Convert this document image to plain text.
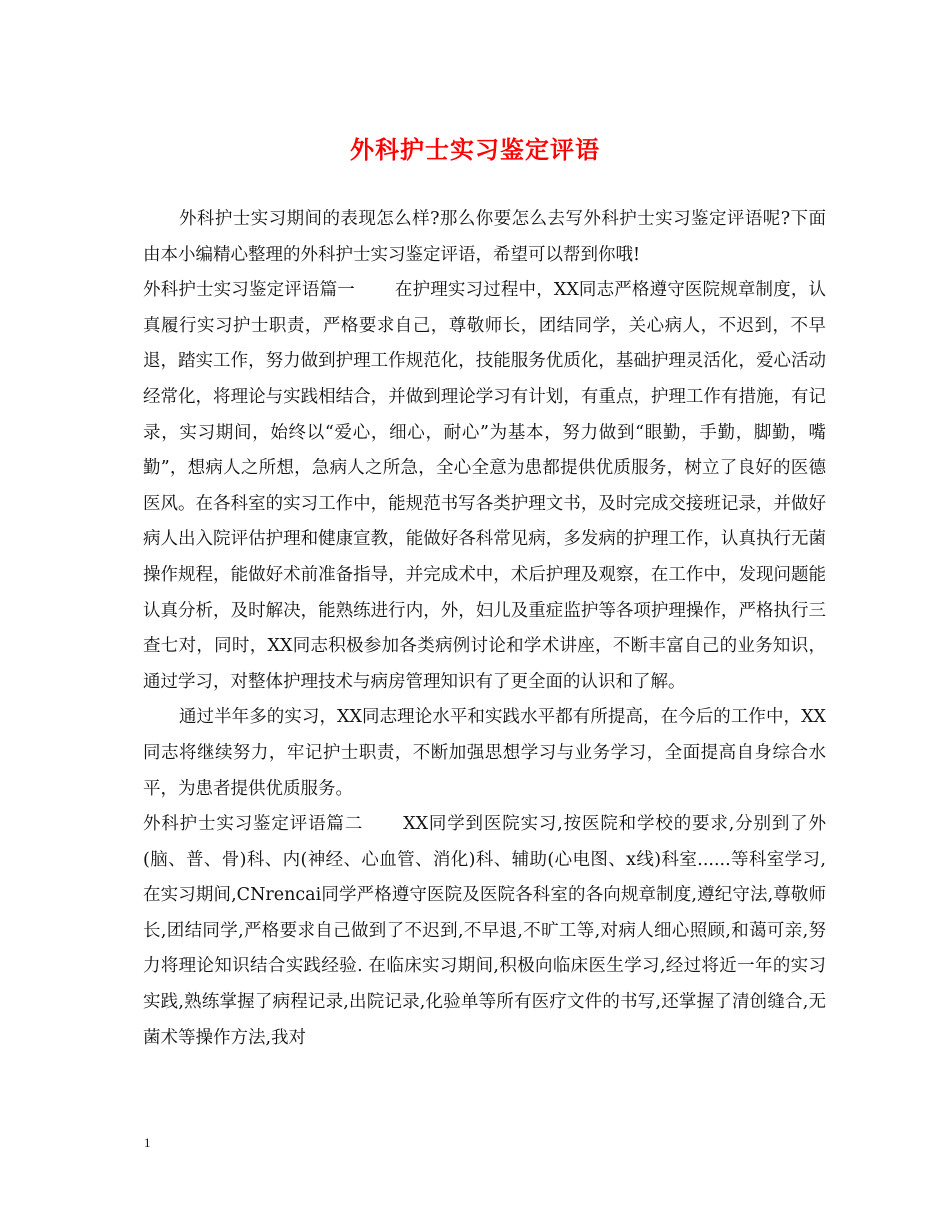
外科护士实习鉴定评语

外科护士实习期间的表现怎么样?那么你要怎么去写外科护士实习鉴定评语呢?下面由本小编精心整理的外科护士实习鉴定评语，希望可以帮到你哦!

外科护士实习鉴定评语篇一 在护理实习过程中，XX同志严格遵守医院规章制度，认真履行实习护士职责，严格要求自己，尊敬师长，团结同学，关心病人，不迟到，不早退，踏实工作，努力做到护理工作规范化，技能服务优质化，基础护理灵活化，爱心活动经常化，将理论与实践相结合，并做到理论学习有计划，有重点，护理工作有措施，有记录，实习期间，始终以“爱心，细心，耐心”为基本，努力做到“眼勤，手勤，脚勤，嘴勤”，想病人之所想，急病人之所急，全心全意为患都提供优质服务，树立了良好的医德医风。在各科室的实习工作中，能规范书写各类护理文书，及时完成交接班记录，并做好病人出入院评估护理和健康宣教，能做好各科常见病，多发病的护理工作，认真执行无菌操作规程，能做好术前准备指导，并完成术中，术后护理及观察，在工作中，发现问题能认真分析，及时解决，能熟练进行内，外，妇儿及重症监护等各项护理操作，严格执行三查七对，同时，XX同志积极参加各类病例讨论和学术讲座，不断丰富自己的业务知识，通过学习，对整体护理技术与病房管理知识有了更全面的认识和了解。

通过半年多的实习，XX同志理论水平和实践水平都有所提高，在今后的工作中，XX同志将继续努力，牢记护士职责，不断加强思想学习与业务学习，全面提高自身综合水平，为患者提供优质服务。

外科护士实习鉴定评语篇二 XX同学到医院实习,按医院和学校的要求,分别到了外(脑、普、骨)科、内(神经、心血管、消化)科、辅助(心电图、x线)科室......等科室学习,在实习期间,CNrencai同学严格遵守医院及医院各科室的各向规章制度,遵纪守法,尊敬师长,团结同学,严格要求自己做到了不迟到,不早退,不旷工等,对病人细心照顾,和蔼可亲,努力将理论知识结合实践经验. 在临床实习期间,积极向临床医生学习,经过将近一年的实习实践,熟练掌握了病程记录,出院记录,化验单等所有医疗文件的书写,还掌握了清创缝合,无菌术等操作方法,我对

1
